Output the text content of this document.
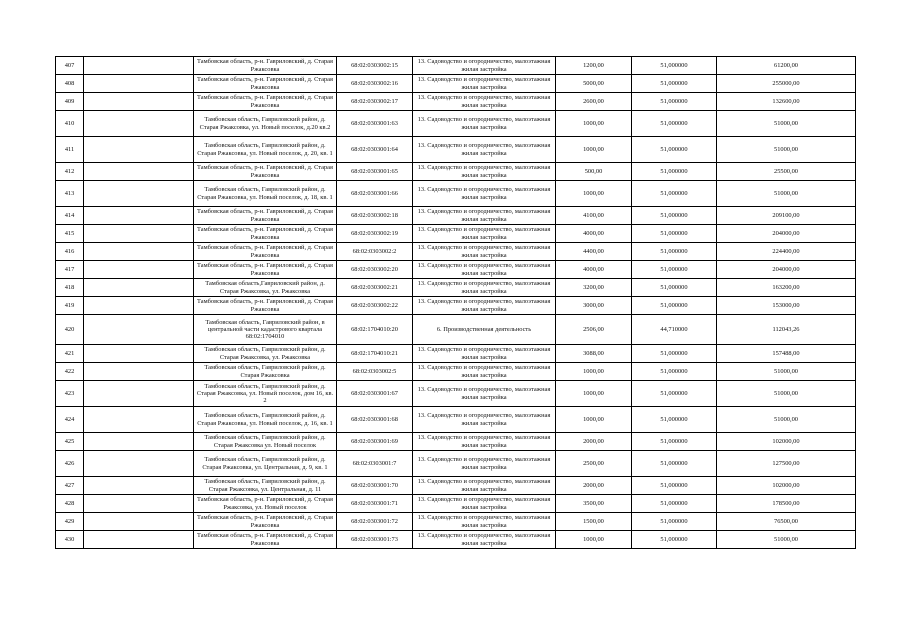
407		Тамбовская область, р-н. Гавриловский, д. Старая Ржаксовка	68:02:0303002:15	13. Садоводство и огородничество, малоэтажная жилая застройка	1200,00	51,000000	61200,00
408		Тамбовская область, р-н. Гавриловский, д. Старая Ржаксовка	68:02:0303002:16	13. Садоводство и огородничество, малоэтажная жилая застройка	5000,00	51,000000	255000,00
409		Тамбовская область, р-н. Гавриловский, д. Старая Ржаксовка	68:02:0303002:17	13. Садоводство и огородничество, малоэтажная жилая застройка	2600,00	51,000000	132600,00
410		Тамбовская область, Гавриловский район, д. Старая Ржаксовка, ул. Новый поселок, д.20 кв.2	68:02:0303001:63	13. Садоводство и огородничество, малоэтажная жилая застройка	1000,00	51,000000	51000,00
411		Тамбовская область, Гавриловский район, д. Старая Ржаксовка, ул. Новый поселок, д. 20, кв. 1	68:02:0303001:64	13. Садоводство и огородничество, малоэтажная жилая застройка	1000,00	51,000000	51000,00
412		Тамбовская область, р-н. Гавриловский, д. Старая Ржаксовка	68:02:0303001:65	13. Садоводство и огородничество, малоэтажная жилая застройка	500,00	51,000000	25500,00
413		Тамбовская область, Гавриловский район, д. Старая Ржаксовка, ул. Новый поселок, д. 18, кв. 1	68:02:0303001:66	13. Садоводство и огородничество, малоэтажная жилая застройка	1000,00	51,000000	51000,00
414		Тамбовская область, р-н. Гавриловский, д. Старая Ржаксовка	68:02:0303002:18	13. Садоводство и огородничество, малоэтажная жилая застройка	4100,00	51,000000	209100,00
415		Тамбовская область, р-н. Гавриловский, д. Старая Ржаксовка	68:02:0303002:19	13. Садоводство и огородничество, малоэтажная жилая застройка	4000,00	51,000000	204000,00
416		Тамбовская область, р-н. Гавриловский, д. Старая Ржаксовка	68:02:0303002:2	13. Садоводство и огородничество, малоэтажная жилая застройка	4400,00	51,000000	224400,00
417		Тамбовская область, р-н. Гавриловский, д. Старая Ржаксовка	68:02:0303002:20	13. Садоводство и огородничество, малоэтажная жилая застройка	4000,00	51,000000	204000,00
418		Тамбовская область,Гавриловский район, д. Старая Ржаксовка, ул. Ржаксовка	68:02:0303002:21	13. Садоводство и огородничество, малоэтажная жилая застройка	3200,00	51,000000	163200,00
419		Тамбовская область, р-н. Гавриловский, д. Старая Ржаксовка	68:02:0303002:22	13. Садоводство и огородничество, малоэтажная жилая застройка	3000,00	51,000000	153000,00
420		Тамбовская область, Гавриловский район, в центральной части кадастрового квартала 68:02:1704010	68:02:1704010:20	6. Производственная деятельность	2506,00	44,710000	112043,26
421		Тамбовская область, Гавриловский район, д. Старая Ржаксовка, ул. Ржаксовка	68:02:1704010:21	13. Садоводство и огородничество, малоэтажная жилая застройка	3088,00	51,000000	157488,00
422		Тамбовская область, Гавриловский район, д. Старая Ржаксовка	68:02:0303002:5	13. Садоводство и огородничество, малоэтажная жилая застройка	1000,00	51,000000	51000,00
423		Тамбовская область, Гавриловский район, д. Старая Ржаксовка, ул. Новый поселок, дом 16, кв. 2	68:02:0303001:67	13. Садоводство и огородничество, малоэтажная жилая застройка	1000,00	51,000000	51000,00
424		Тамбовская область, Гавриловский район, д. Старая Ржаксовка, ул. Новый поселок, д. 16, кв. 1	68:02:0303001:68	13. Садоводство и огородничество, малоэтажная жилая застройка	1000,00	51,000000	51000,00
425		Тамбовская область, Гавриловский район, д. Старая Ржаксовка ул. Новый поселок	68:02:0303001:69	13. Садоводство и огородничество, малоэтажная жилая застройка	2000,00	51,000000	102000,00
426		Тамбовская область, Гавриловский район, д. Старая Ржаксовка, ул. Центральная, д. 9, кв. 1	68:02:0303001:7	13. Садоводство и огородничество, малоэтажная жилая застройка	2500,00	51,000000	127500,00
427		Тамбовская область, Гавриловский район, д. Старая Ржаксовка, ул. Центральная, д. 11	68:02:0303001:70	13. Садоводство и огородничество, малоэтажная жилая застройка	2000,00	51,000000	102000,00
428		Тамбовская область, р-н. Гавриловский, д. Старая Ржаксовка, ул. Новый поселок	68:02:0303001:71	13. Садоводство и огородничество, малоэтажная жилая застройка	3500,00	51,000000	178500,00
429		Тамбовская область, р-н. Гавриловский, д. Старая Ржаксовка	68:02:0303001:72	13. Садоводство и огородничество, малоэтажная жилая застройка	1500,00	51,000000	76500,00
430		Тамбовская область, р-н. Гавриловский, д. Старая Ржаксовка	68:02:0303001:73	13. Садоводство и огородничество, малоэтажная жилая застройка	1000,00	51,000000	51000,00
